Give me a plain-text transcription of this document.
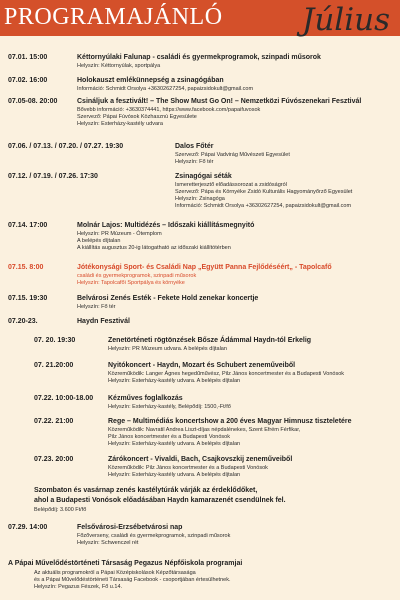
PROGRAMAJÁNLÓ	Július
07.01. 15:00	Kéttornyúlaki Falunap - családi és gyermekprogramok, szinpadi műsorok
Helyszín: Kéttornyúlak, sportpálya
07.02. 16:00	Holokauszt emlékünnepség a zsinagógában
Információ: Schmidt Orsolya +36302627254, papaizsidokult@gmail.com
07.05-08. 20:00	Csináljuk a fesztivált! – The Show Must Go On! – Nemzetközi Fúvószenekari Fesztivál
Bővebb információ: +3630374441, https://www.facebook.com/papaifuvosok
Szervező: Pápai Fúvósok Közhasznú Egyesülete
Helyszín: Esterházy-kastély udvara
07.06. / 07.13. / 07.20. / 07.27. 19:30	Dalos Főtér
Szervező: Pápai Vadvirág Művészeti Egyesület
Helyszín: Fő tér
07.12. / 07.19. / 07.26. 17:30	Zsinagógai séták
Ismeretterjesztő előadássorozat a zsidóságról
Szervező: Pápa és Környéke Zsidó Kulturális Hagyományőrző Egyesület
Helyszín: Zsinagóga
Információ: Schmidt Orsolya +36302627254, papaizsidokult@gmail.com
07.14. 17:00	Molnár Lajos: Multidézés – Időszaki kiállításmegnyitó
Helyszín: PR Múzeum - Ótemplom
A belépés díjtalan
A kiállítás augusztus 20-ig látogatható az időszaki kiállítótérben
07.15. 8:00	Jótékonysági Sport- és Családi Nap „Együtt Panna Fejlődéséért„ - Tapolcafő
családi és gyermekprogramok, szinpadi műsorok
Helyszín: Tapolcafői Sportpálya és környéke
07.15. 19:30	Belvárosi Zenés Esték - Fekete Hold zenekar koncertje
Helyszín: Fő tér
07.20-23.	Haydn Fesztivál
07. 20. 19:30	Zenetörténeti rögtönzések Bősze Ádámmal Haydn-tól Erkelig
Helyszín: PR Múzeum udvara. A belépés díjtalan
07. 21.20:00	Nyitókoncert - Haydn, Mozart és Schubert zeneműveiből
Közreműködik: Langer Ágnes hegedűművész, Pilz János koncertmester és a Budapesti Vonósok
Helyszín: Esterházy-kastély udvara. A belépés díjtalan
07.22. 10:00-18.00 Kézműves foglalkozás
Helyszín: Esterházy-kastély, Belépődíj: 1500,-Ft/fő
07.22. 21:00	Rege – Multimédiás koncertshow a 200 éves Magyar Himnusz tiszteletére
Közreműködik: Navratil Andrea Liszt-díjas népdalénekes, Szent Efrém Férfikar,
Pilz János koncertmester és a Budapesti Vonósok
Helyszín: Esterházy-kastély udvara. A belépés díjtalan
07.23. 20:00	Zárókoncert - Vivaldi, Bach, Csajkovszkij zeneműveiből
Közreműködik: Pilz János koncertmester és a Budapesti Vonósok
Helyszín: Esterházy-kastély udvara. A belépés díjtalan
Szombaton és vasárnap zenés kastélytúrák várják az érdeklődőket,
ahol a Budapesti Vonósok előadásában Haydn kamarazenét csendülnek fel.
Belépődíj: 3.600 Ft/fő
07.29. 14:00	Felsővárosi-Erzsébetvárosi nap
Főzőverseny, családi és gyermekprogramok, szinpadi műsorok
Helyszín: Schwenczel rét
A Pápai Művelődéstörténeti Társaság Pegazus Népfőiskola programjai
Az aktuális programokról a Pápai Középiskolások Képzőtársasága
és a Pápai Művelődéstörténeti Társaság Facebook - csoportjában értesülhetnek.
Helyszín: Pegazus Fészek, Fő u.14.
